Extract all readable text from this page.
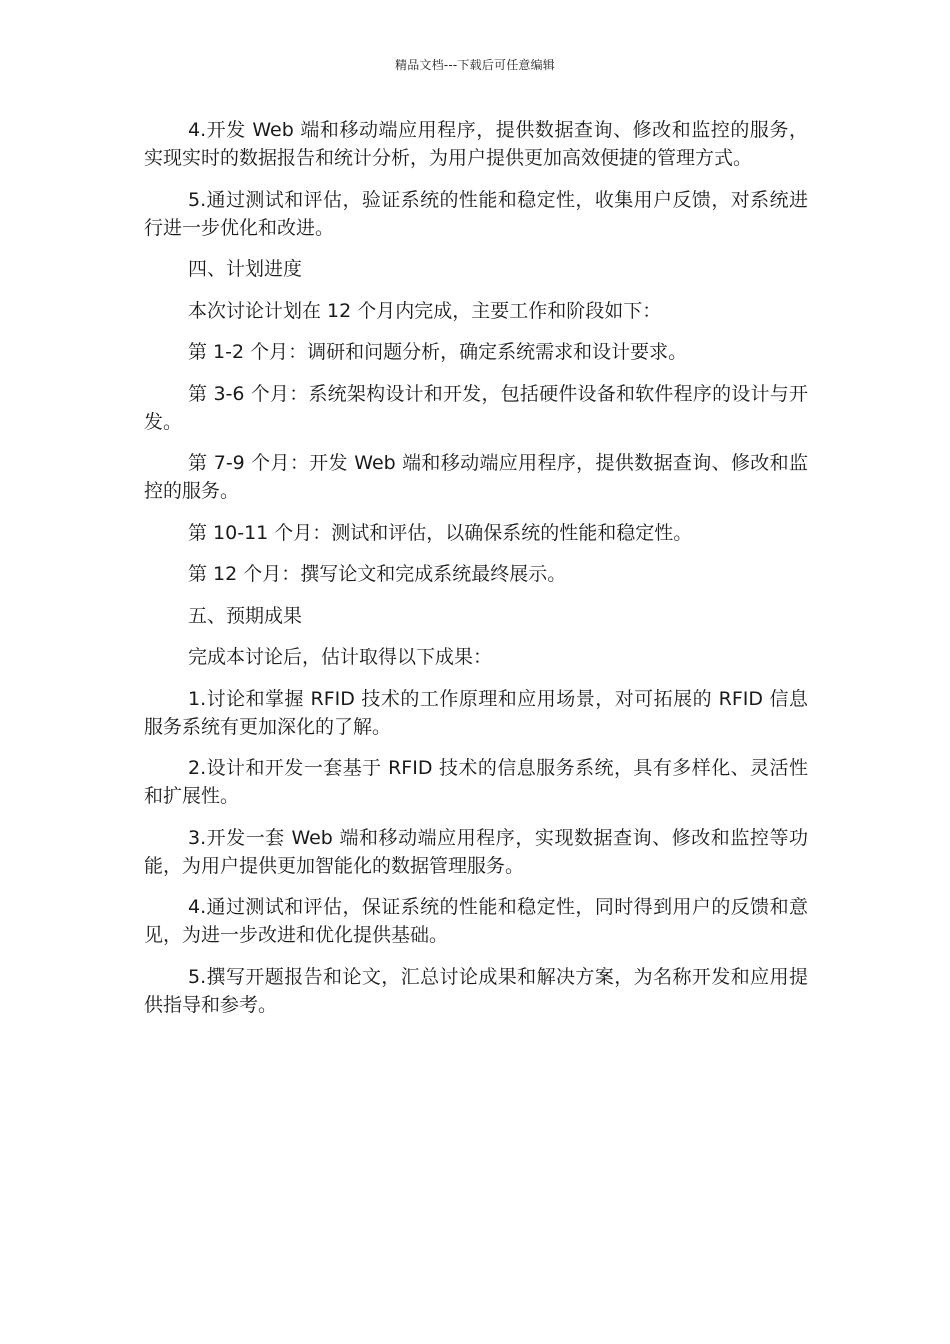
精品文档---下载后可任意编辑

4.开发 Web 端和移动端应用程序，提供数据查询、修改和监控的服务，实现实时的数据报告和统计分析，为用户提供更加高效便捷的管理方式。

5.通过测试和评估，验证系统的性能和稳定性，收集用户反馈，对系统进行进一步优化和改进。

四、计划进度

本次讨论计划在 12 个月内完成，主要工作和阶段如下：

第 1-2 个月：调研和问题分析，确定系统需求和设计要求。

第 3-6 个月：系统架构设计和开发，包括硬件设备和软件程序的设计与开发。

第 7-9 个月：开发 Web 端和移动端应用程序，提供数据查询、修改和监控的服务。

第 10-11 个月：测试和评估，以确保系统的性能和稳定性。

第 12 个月：撰写论文和完成系统最终展示。

五、预期成果

完成本讨论后，估计取得以下成果：

1.讨论和掌握 RFID 技术的工作原理和应用场景，对可拓展的 RFID 信息服务系统有更加深化的了解。

2.设计和开发一套基于 RFID 技术的信息服务系统，具有多样化、灵活性和扩展性。

3.开发一套 Web 端和移动端应用程序，实现数据查询、修改和监控等功能，为用户提供更加智能化的数据管理服务。

4.通过测试和评估，保证系统的性能和稳定性，同时得到用户的反馈和意见，为进一步改进和优化提供基础。

5.撰写开题报告和论文，汇总讨论成果和解决方案，为名称开发和应用提供指导和参考。
